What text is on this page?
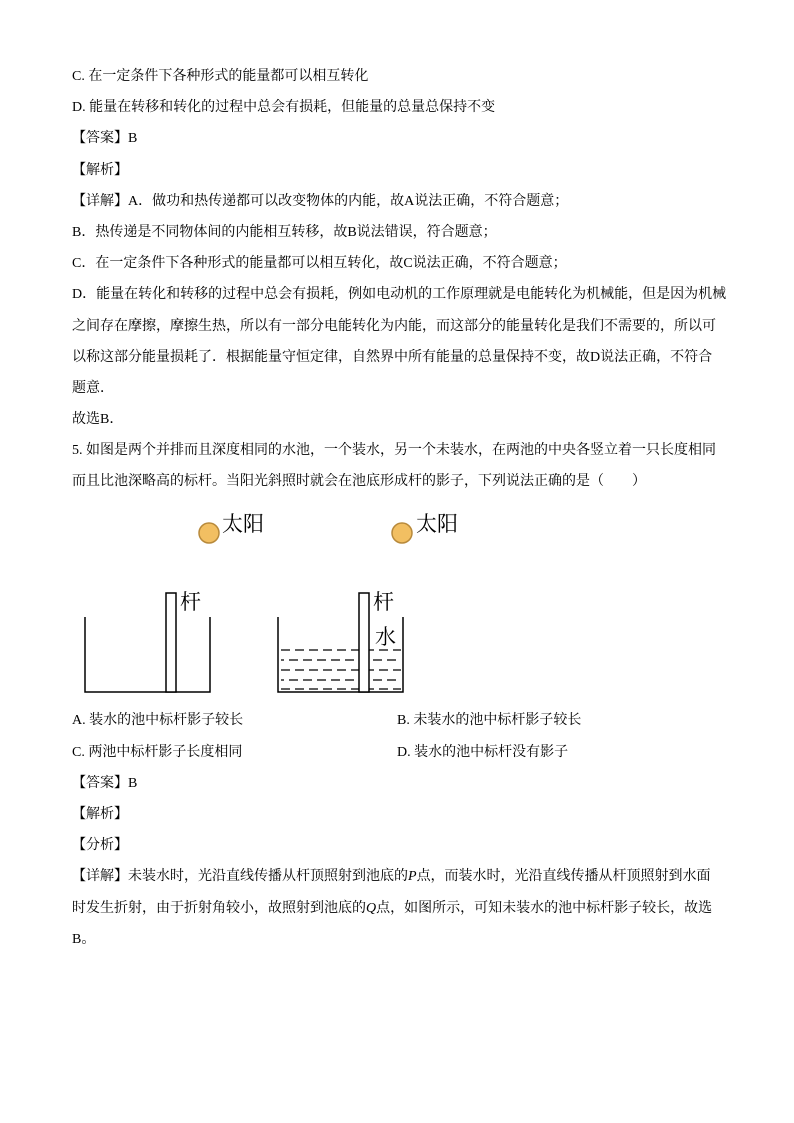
C. 在一定条件下各种形式的能量都可以相互转化
D. 能量在转移和转化的过程中总会有损耗，但能量的总量总保持不变
【答案】B
【解析】
【详解】A．做功和热传递都可以改变物体的内能，故A说法正确，不符合题意；
B．热传递是不同物体间的内能相互转移，故B说法错误，符合题意；
C．在一定条件下各种形式的能量都可以相互转化，故C说法正确，不符合题意；
D．能量在转化和转移的过程中总会有损耗，例如电动机的工作原理就是电能转化为机械能，但是因为机械
之间存在摩擦，摩擦生热，所以有一部分电能转化为内能，而这部分的能量转化是我们不需要的，所以可
以称这部分能量损耗了．根据能量守恒定律，自然界中所有能量的总量保持不变，故D说法正确，不符合
题意．
故选B．
5. 如图是两个并排而且深度相同的水池，一个装水，另一个未装水，在两池的中央各竖立着一只长度相同
而且比池深略高的标杆。当阳光斜照时就会在池底形成杆的影子，下列说法正确的是（　　）
太阳	太阳
杆	杆
水
A. 装水的池中标杆影子较长	B. 未装水的池中标杆影子较长
C. 两池中标杆影子长度相同	D. 装水的池中标杆没有影子
【答案】B
【解析】
【分析】
【详解】未装水时，光沿直线传播从杆顶照射到池底的P点，而装水时，光沿直线传播从杆顶照射到水面
时发生折射，由于折射角较小，故照射到池底的Q点，如图所示，可知未装水的池中标杆影子较长，故选
B。
